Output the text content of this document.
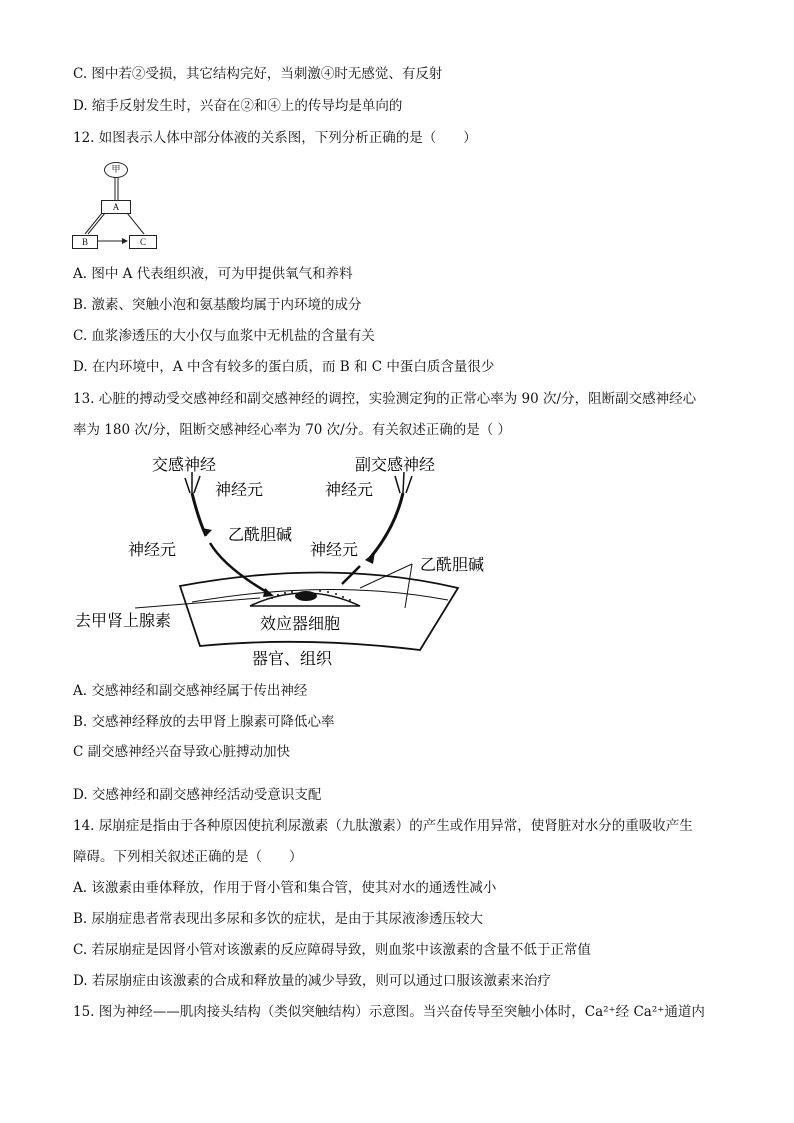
C. 图中若②受损，其它结构完好，当刺激④时无感觉、有反射
D. 缩手反射发生时，兴奋在②和④上的传导均是单向的
12. 如图表示人体中部分体液的关系图，下列分析正确的是（　　）
甲
A
B	C
A. 图中 A 代表组织液，可为甲提供氧气和养料
B. 激素、突触小泡和氨基酸均属于内环境的成分
C. 血浆渗透压的大小仅与血浆中无机盐的含量有关
D. 在内环境中，A 中含有较多的蛋白质，而 B 和 C 中蛋白质含量很少
13. 心脏的搏动受交感神经和副交感神经的调控，实验测定狗的正常心率为 90 次/分，阻断副交感神经心
率为 180 次/分，阻断交感神经心率为 70 次/分。有关叙述正确的是（ ）
交感神经	副交感神经
神经元	神经元
乙酰胆碱
神经元	神经元
乙酰胆碱
去甲肾上腺素	效应器细胞
器官、组织
A. 交感神经和副交感神经属于传出神经
B. 交感神经释放的去甲肾上腺素可降低心率
C 副交感神经兴奋导致心脏搏动加快
D. 交感神经和副交感神经活动受意识支配
14. 尿崩症是指由于各种原因使抗利尿激素（九肽激素）的产生或作用异常，使肾脏对水分的重吸收产生
障碍。下列相关叙述正确的是（　　）
A. 该激素由垂体释放，作用于肾小管和集合管，使其对水的通透性减小
B. 尿崩症患者常表现出多尿和多饮的症状，是由于其尿液渗透压较大
C. 若尿崩症是因肾小管对该激素的反应障碍导致，则血浆中该激素的含量不低于正常值
D. 若尿崩症由该激素的合成和释放量的减少导致，则可以通过口服该激素来治疗
15. 图为神经——肌肉接头结构（类似突触结构）示意图。当兴奋传导至突触小体时，Ca²⁺经 Ca²⁺通道内
